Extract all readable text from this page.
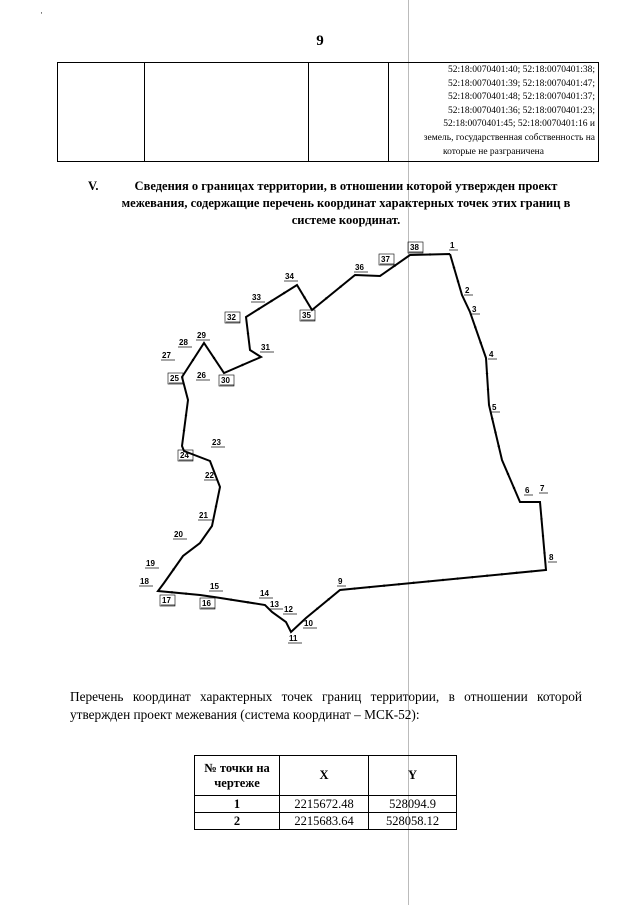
·
9

52:18:0070401:40; 52:18:0070401:38;
52:18:0070401:39; 52:18:0070401:47;
52:18:0070401:48; 52:18:0070401:37;
52:18:0070401:36; 52:18:0070401:23;
52:18:0070401:45; 52:18:0070401:16 и
земель, государственная собственность на
которые не разграничена
V.	Сведения о границах территории, в отношении которой утвержден проект межевания, содержащие перечень координат характерных точек этих границ в системе координат.
1
2
3
4
5
6 7
8
9
10
11
12
13
14
15
16
17
18
19
20
21
22
23
24
25 26
27
28
29
30
31
32
33
34
35
36
37
38
Перечень координат характерных точек границ территории, в отношении которой утвержден проект межевания (система координат – МСК-52):
№ точки на чертеже	X	Y
1	2215672.48	528094.9
2	2215683.64	528058.12
